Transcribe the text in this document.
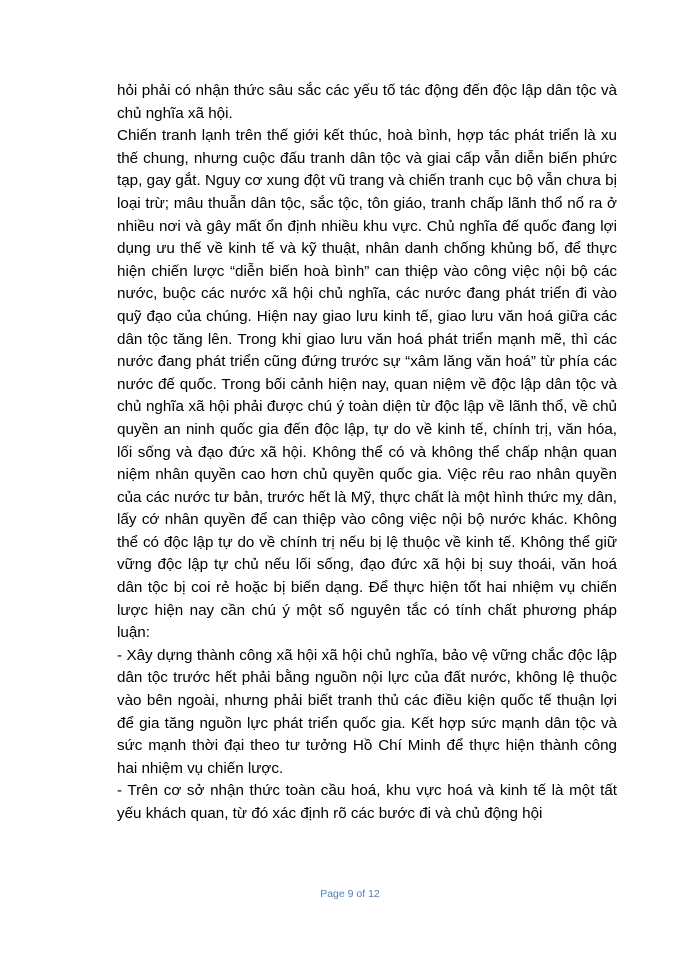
hỏi phải có nhận thức sâu sắc các yếu tố tác động đến độc lập dân tộc và chủ nghĩa xã hội.

Chiến tranh lạnh trên thế giới kết thúc, hoà bình, hợp tác phát triển là xu thế chung, nhưng cuộc đấu tranh dân tộc và giai cấp vẫn diễn biến phức tạp, gay gắt. Nguy cơ xung đột vũ trang và chiến tranh cục bộ vẫn chưa bị loại trừ; mâu thuẫn dân tộc, sắc tộc, tôn giáo, tranh chấp lãnh thổ nổ ra ở nhiều nơi và gây mất ổn định nhiều khu vực. Chủ nghĩa đế quốc đang lợi dụng ưu thế về kinh tế và kỹ thuật, nhân danh chống khủng bố, để thực hiện chiến lược “diễn biến hoà bình” can thiệp vào công việc nội bộ các nước, buộc các nước xã hội chủ nghĩa, các nước đang phát triển đi vào quỹ đạo của chúng. Hiện nay giao lưu kinh tế, giao lưu văn hoá giữa các dân tộc tăng lên. Trong khi giao lưu văn hoá phát triển mạnh mẽ, thì các nước đang phát triển cũng đứng trước sự “xâm lăng văn hoá” từ phía các nước đế quốc. Trong bối cảnh hiện nay, quan niệm về độc lập dân tộc và chủ nghĩa xã hội phải được chú ý toàn diện từ độc lập về lãnh thổ, về chủ quyền an ninh quốc gia đến độc lập, tự do về kinh tế, chính trị, văn hóa, lối sống và đạo đức xã hội. Không thể có và không thể chấp nhận quan niệm nhân quyền cao hơn chủ quyền quốc gia. Việc rêu rao nhân quyền của các nước tư bản, trước hết là Mỹ, thực chất là một hình thức mỵ dân, lấy cớ nhân quyền để can thiệp vào công việc nội bộ nước khác. Không thể có độc lập tự do về chính trị nếu bị lệ thuộc về kinh tế. Không thể giữ vững độc lập tự chủ nếu lối sống, đạo đức xã hội bị suy thoái, văn hoá dân tộc bị coi rẻ hoặc bị biến dạng. Để thực hiện tốt hai nhiệm vụ chiến lược hiện nay cần chú ý một số nguyên tắc có tính chất phương pháp luận:

- Xây dựng thành công xã hội xã hội chủ nghĩa, bảo vệ vững chắc độc lập dân tộc trước hết phải bằng nguồn nội lực của đất nước, không lệ thuộc vào bên ngoài, nhưng phải biết tranh thủ các điều kiện quốc tế thuận lợi để gia tăng nguồn lực phát triển quốc gia. Kết hợp sức mạnh dân tộc và sức mạnh thời đại theo tư tưởng Hồ Chí Minh để thực hiện thành công hai nhiệm vụ chiến lược.

- Trên cơ sở nhận thức toàn cầu hoá, khu vực hoá và kinh tế là một tất yếu khách quan, từ đó xác định rõ các bước đi và chủ động hội

Page 9 of 12
